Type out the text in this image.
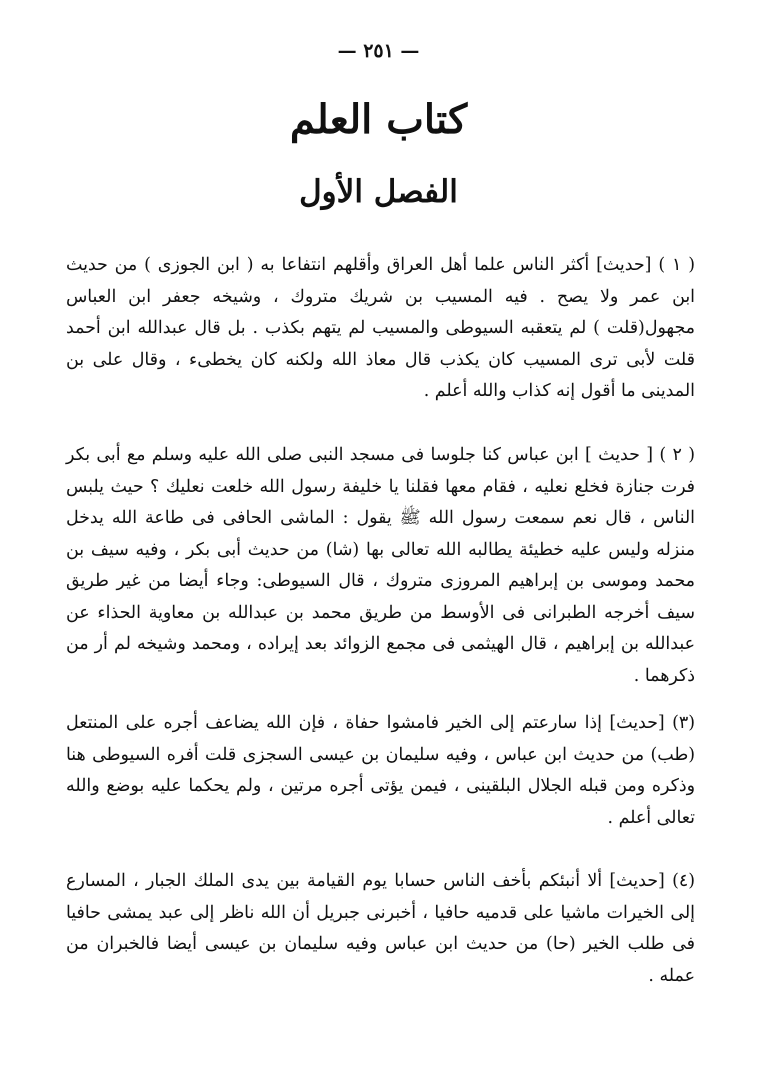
— ٢٥١ —
كتاب العلم
الفصل الأول

( ١ ) [حديث] أكثر الناس علما أهل العراق وأقلهم انتفاعا به ( ابن الجوزى ) من حديث ابن عمر ولا يصح . فيه المسيب بن شريك متروك ، وشيخه جعفر ابن العباس مجهول(قلت ) لم يتعقبه السيوطى والمسيب لم يتهم بكذب . بل قال عبدالله ابن أحمد قلت لأبى ترى المسيب كان يكذب قال معاذ الله ولكنه كان يخطىء ، وقال على بن المدينى ما أقول إنه كذاب والله أعلم .

( ٢ ) [ حديث ] ابن عباس كنا جلوسا فى مسجد النبى صلى الله عليه وسلم مع أبى بكر فرت جنازة فخلع نعليه ، فقام معها فقلنا يا خليفة رسول الله خلعت نعليك ؟ حيث يلبس الناس ، قال نعم سمعت رسول الله ﷺ يقول : الماشى الحافى فى طاعة الله يدخل منزله وليس عليه خطيئة يطالبه الله تعالى بها (شا) من حديث أبى بكر ، وفيه سيف بن محمد وموسى بن إبراهيم المروزى متروك ، قال السيوطى: وجاء أيضا من غير طريق سيف أخرجه الطبرانى فى الأوسط من طريق محمد بن عبدالله بن معاوية الحذاء عن عبدالله بن إبراهيم ، قال الهيثمى فى مجمع الزوائد بعد إيراده ، ومحمد وشيخه لم أر من ذكرهما .

(٣) [حديث] إذا سارعتم إلى الخير فامشوا حفاة ، فإن الله يضاعف أجره على المنتعل (طب) من حديث ابن عباس ، وفيه سليمان بن عيسى السجزى قلت أفره السيوطى هنا وذكره ومن قبله الجلال البلقينى ، فيمن يؤتى أجره مرتين ، ولم يحكما عليه بوضع والله تعالى أعلم .

(٤) [حديث] ألا أنبئكم بأخف الناس حسابا يوم القيامة بين يدى الملك الجبار ، المسارع إلى الخيرات ماشيا على قدميه حافيا ، أخبرنى جبريل أن الله ناظر إلى عبد يمشى حافيا فى طلب الخير (حا) من حديث ابن عباس وفيه سليمان بن عيسى أيضا فالخبران من عمله .
